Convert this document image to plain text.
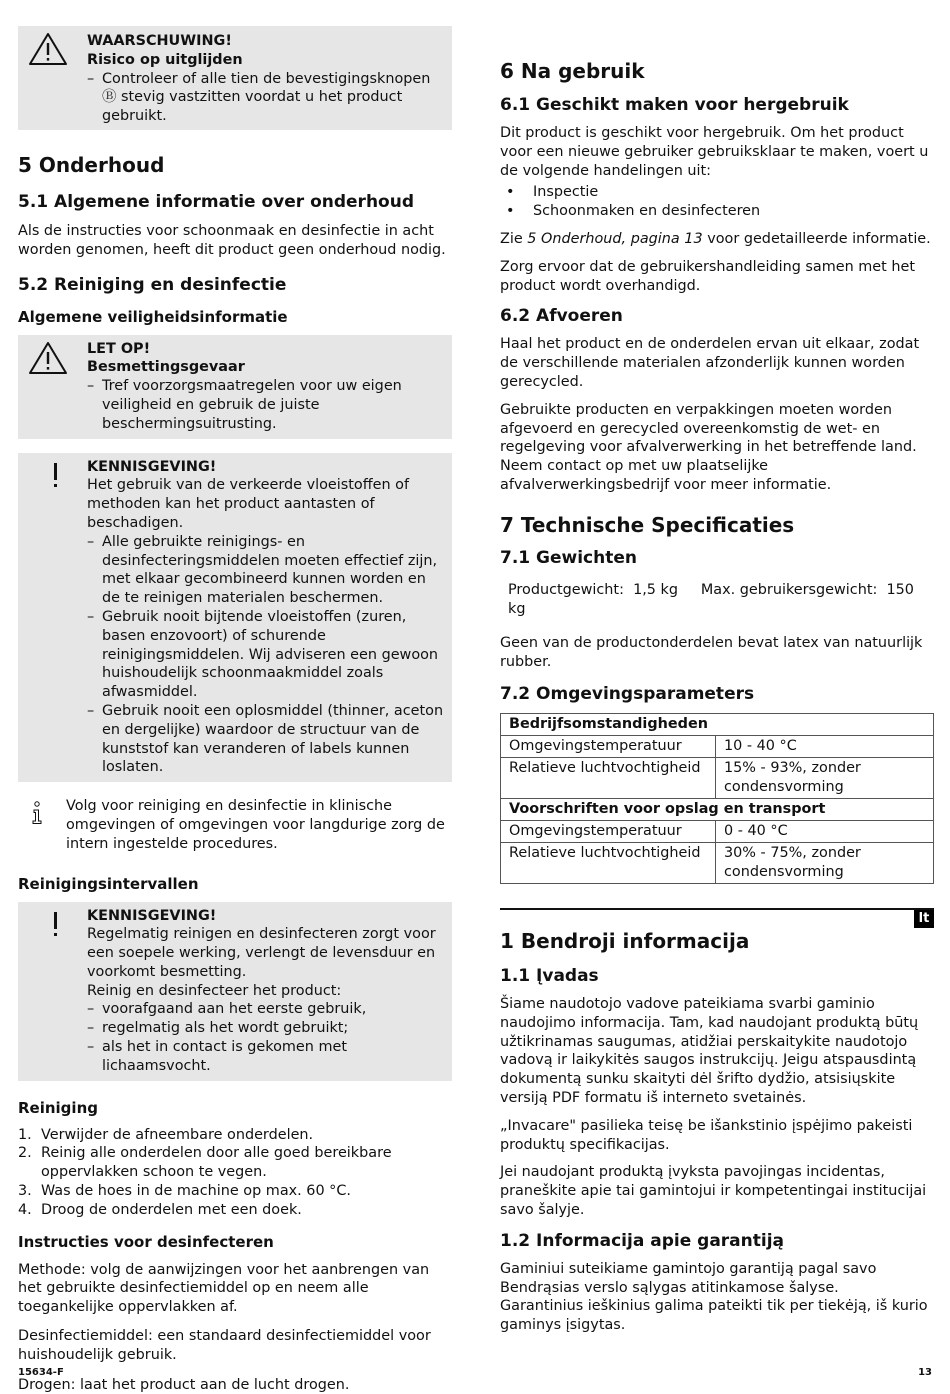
WAARSCHUWING!

Risico op uitglijden

– Controleer of alle tien de bevestigingsknopen Ⓑ stevig vastzitten voordat u het product gebruikt.

5 Onderhoud
5.1 Algemene informatie over onderhoud

Als de instructies voor schoonmaak en desinfectie in acht worden genomen, heeft dit product geen onderhoud nodig.

5.2 Reiniging en desinfectie
Algemene veiligheidsinformatie

LET OP!

Besmettingsgevaar

– Tref voorzorgsmaatregelen voor uw eigen veiligheid en gebruik de juiste beschermingsuitrusting.

KENNISGEVING!

Het gebruik van de verkeerde vloeistoffen of methoden kan het product aantasten of beschadigen.

– Alle gebruikte reinigings- en desinfecteringsmiddelen moeten effectief zijn, met elkaar gecombineerd kunnen worden en de te reinigen materialen beschermen.

– Gebruik nooit bijtende vloeistoffen (zuren, basen enzovoort) of schurende reinigingsmiddelen. Wij adviseren een gewoon huishoudelijk schoonmaakmiddel zoals afwasmiddel.

– Gebruik nooit een oplosmiddel (thinner, aceton en dergelijke) waardoor de structuur van de kunststof kan veranderen of labels kunnen loslaten.

Volg voor reiniging en desinfectie in klinische omgevingen of omgevingen voor langdurige zorg de intern ingestelde procedures.

Reinigingsintervallen

KENNISGEVING!

Regelmatig reinigen en desinfecteren zorgt voor een soepele werking, verlengt de levensduur en voorkomt besmetting.

Reinig en desinfecteer het product:

– voorafgaand aan het eerste gebruik,

– regelmatig als het wordt gebruikt;

– als het in contact is gekomen met lichaamsvocht.

Reiniging
1. Verwijder de afneembare onderdelen.
2. Reinig alle onderdelen door alle goed bereikbare oppervlakken schoon te vegen.
3. Was de hoes in de machine op max. 60 °C.
4. Droog de onderdelen met een doek.
Instructies voor desinfecteren

Methode: volg de aanwijzingen voor het aanbrengen van het gebruikte desinfectiemiddel op en neem alle toegankelijke oppervlakken af.

Desinfectiemiddel: een standaard desinfectiemiddel voor huishoudelijk gebruik.

Drogen: laat het product aan de lucht drogen.

6 Na gebruik
6.1 Geschikt maken voor hergebruik

Dit product is geschikt voor hergebruik. Om het product voor een nieuwe gebruiker gebruiksklaar te maken, voert u de volgende handelingen uit:

• Inspectie
• Schoonmaken en desinfecteren

Zie 5 Onderhoud, pagina 13 voor gedetailleerde informatie.

Zorg ervoor dat de gebruikershandleiding samen met het product wordt overhandigd.

6.2 Afvoeren

Haal het product en de onderdelen ervan uit elkaar, zodat de verschillende materialen afzonderlijk kunnen worden gerecycled.

Gebruikte producten en verpakkingen moeten worden afgevoerd en gerecycled overeenkomstig de wet- en regelgeving voor afvalverwerking in het betreffende land. Neem contact op met uw plaatselijke afvalverwerkingsbedrijf voor meer informatie.

7 Technische Specificaties
7.1 Gewichten

Productgewicht: 1,5 kg Max. gebruikersgewicht: 150 kg

Geen van de productonderdelen bevat latex van natuurlijk rubber.

7.2 Omgevingsparameters
Bedrijfsomstandigheden	
Omgevingstemperatuur	10 - 40 °C
Relatieve luchtvochtigheid	15% - 93%, zonder condensvorming
Voorschriften voor opslag en transport	
Omgevingstemperatuur	0 - 40 °C
Relatieve luchtvochtigheid	30% - 75%, zonder condensvorming
lt
1 Bendroji informacija
1.1 Įvadas

Šiame naudotojo vadove pateikiama svarbi gaminio naudojimo informacija. Tam, kad naudojant produktą būtų užtikrinamas saugumas, atidžiai perskaitykite naudotojo vadovą ir laikykitės saugos instrukcijų. Jeigu atspausdintą dokumentą sunku skaityti dėl šrifto dydžio, atsisiųskite versiją PDF formatu iš interneto svetainės.

„Invacare" pasilieka teisę be išankstinio įspėjimo pakeisti produktų specifikacijas.

Jei naudojant produktą įvyksta pavojingas incidentas, praneškite apie tai gamintojui ir kompetentingai institucijai savo šalyje.

1.2 Informacija apie garantiją

Gaminiui suteikiame gamintojo garantiją pagal savo Bendrąsias verslo sąlygas atitinkamose šalyse.
Garantinius ieškinius galima pateikti tik per tiekėją, iš kurio gaminys įsigytas.

15634-F	13
